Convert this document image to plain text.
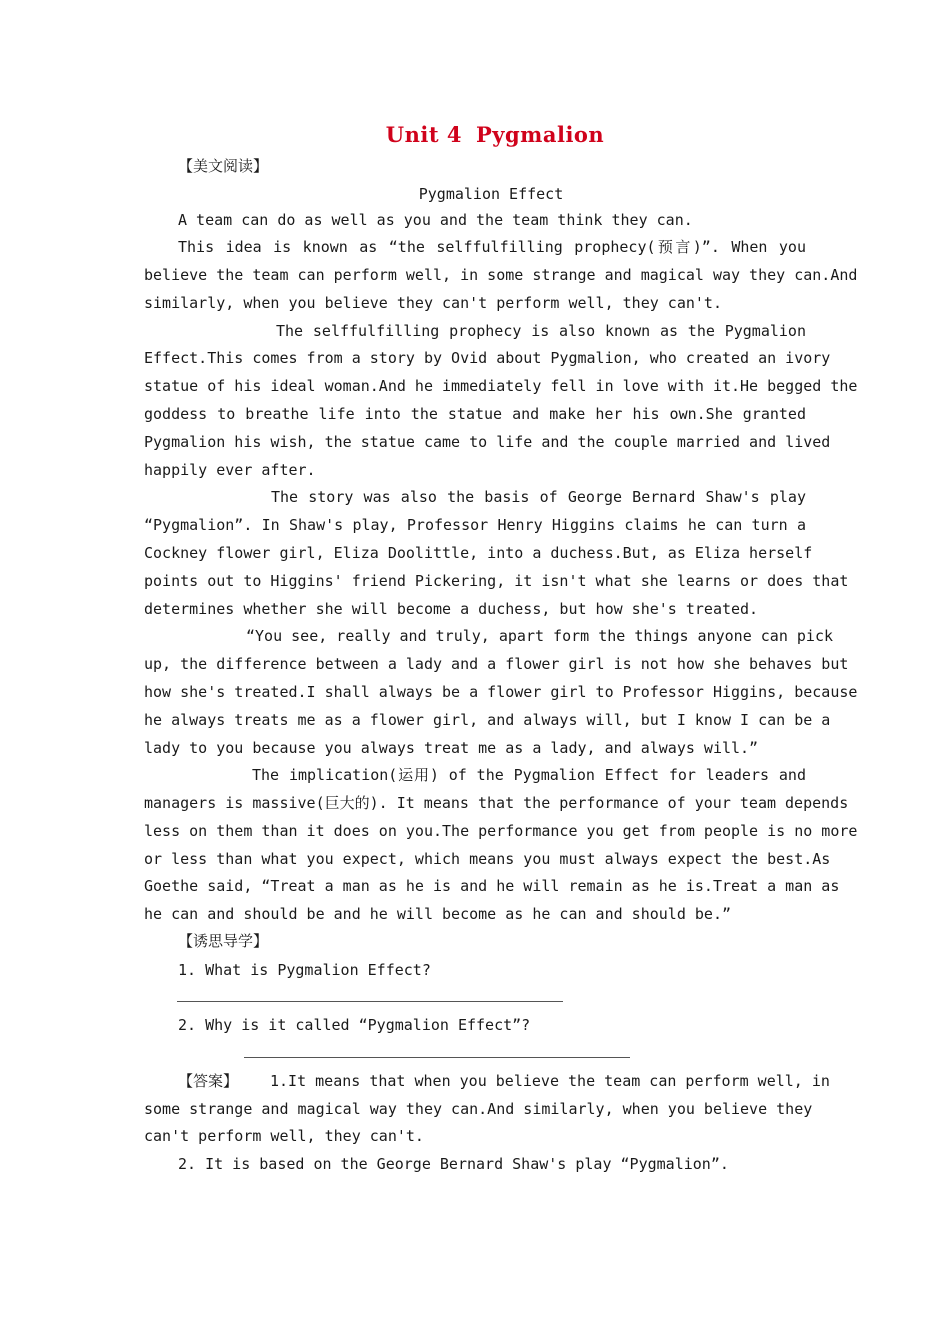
Unit 4 Pygmalion
【美文阅读】
Pygmalion Effect
A team can do as well as you and the team think they can.
This idea is known as “the selffulfilling prophecy(预言)”. When you
believe the team can perform well, in some strange and magical way they can.And
similarly, when you believe they can't perform well, they can't.
The selffulfilling prophecy is also known as the Pygmalion
Effect.This comes from a story by Ovid about Pygmalion, who created an ivory
statue of his ideal woman.And he immediately fell in love with it.He begged the
goddess to breathe life into the statue and make her his own.She granted
Pygmalion his wish, the statue came to life and the couple married and lived
happily ever after.
The story was also the basis of George Bernard Shaw's play
“Pygmalion”. In Shaw's play, Professor Henry Higgins claims he can turn a
Cockney flower girl, Eliza Doolittle, into a duchess.But, as Eliza herself
points out to Higgins' friend Pickering, it isn't what she learns or does that
determines whether she will become a duchess, but how she's treated.
“You see, really and truly, apart form the things anyone can pick
up, the difference between a lady and a flower girl is not how she behaves but
how she's treated.I shall always be a flower girl to Professor Higgins, because
he always treats me as a flower girl, and always will, but I know I can be a
lady to you because you always treat me as a lady, and always will.”
The implication(运用) of the Pygmalion Effect for leaders and
managers is massive(巨大的). It means that the performance of your team depends
less on them than it does on you.The performance you get from people is no more
or less than what you expect, which means you must always expect the best.As
Goethe said, “Treat a man as he is and he will remain as he is.Treat a man as
he can and should be and he will become as he can and should be.”
【诱思导学】
1. What is Pygmalion Effect?
2. Why is it called “Pygmalion Effect”?
【答案】	1.It means that when you believe the team can perform well, in
some strange and magical way they can.And similarly, when you believe they
can't perform well, they can't.
2. It is based on the George Bernard Shaw's play “Pygmalion”.
